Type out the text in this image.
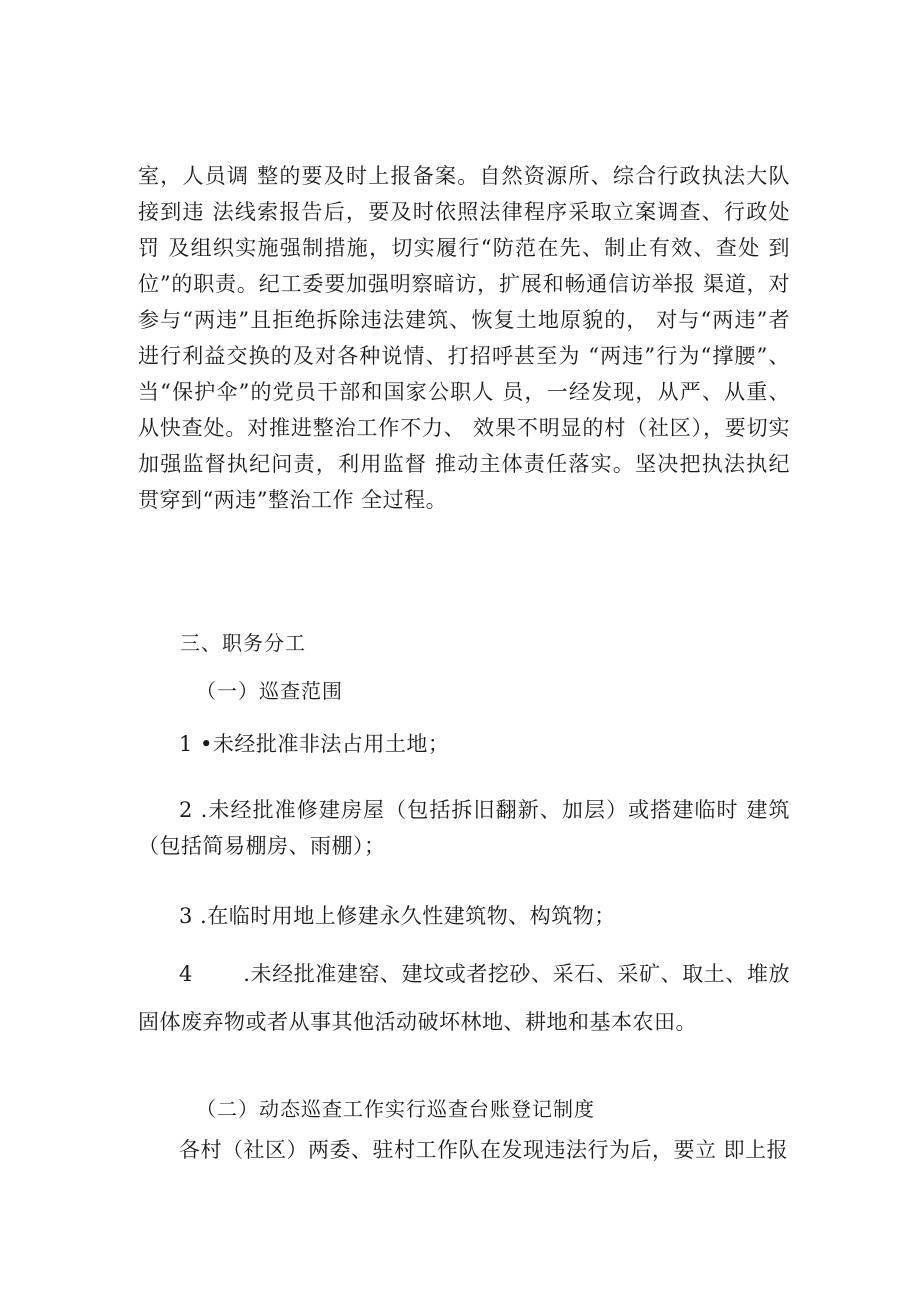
室，人员调 整的要及时上报备案。自然资源所、综合行政执法大队接到违 法线索报告后，要及时依照法律程序采取立案调查、行政处罚 及组织实施强制措施，切实履行“防范在先、制止有效、查处 到位”的职责。纪工委要加强明察暗访，扩展和畅通信访举报 渠道，对参与“两违”且拒绝拆除违法建筑、恢复土地原貌的， 对与“两违”者进行利益交换的及对各种说情、打招呼甚至为 “两违”行为“撑腰”、当“保护伞”的党员干部和国家公职人 员，一经发现，从严、从重、从快查处。对推进整治工作不力、 效果不明显的村（社区），要切实加强监督执纪问责，利用监督 推动主体责任落实。坚决把执法执纪贯穿到“两违”整治工作 全过程。
三、职务分工
（一）巡查范围
1 •未经批准非法占用土地；
2 .未经批准修建房屋（包括拆旧翻新、加层）或搭建临时 建筑（包括简易棚房、雨棚）；
3 .在临时用地上修建永久性建筑物、构筑物；
4 　　.未经批准建窑、建坟或者挖砂、采石、采矿、取土、堆放固体废弃物或者从事其他活动破坏林地、耕地和基本农田。
（二）动态巡查工作实行巡查台账登记制度
各村（社区）两委、驻村工作队在发现违法行为后，要立 即上报
